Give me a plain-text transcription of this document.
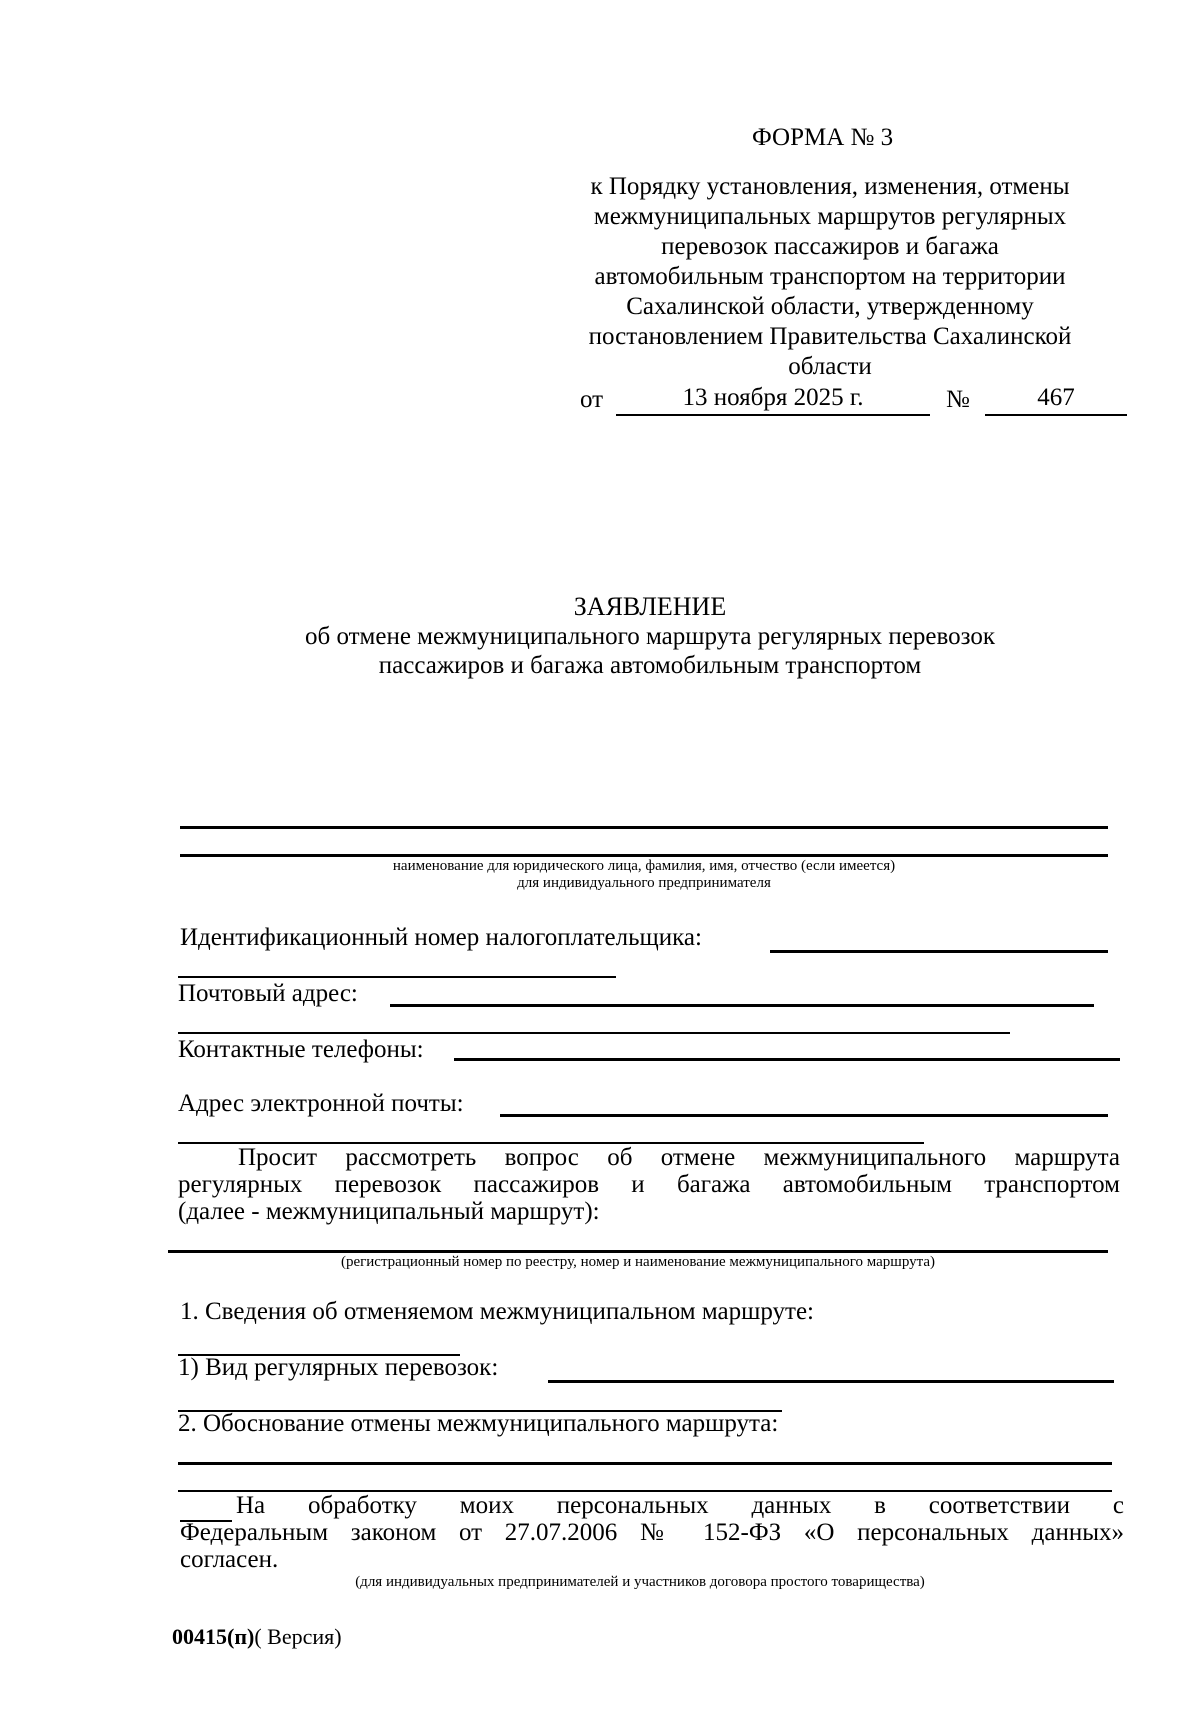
ФОРМА № 3
к Порядку установления, изменения, отмены
межмуниципальных маршрутов регулярных
перевозок пассажиров и багажа
автомобильным транспортом на территории
Сахалинской области, утвержденному
постановлением Правительства Сахалинской
области
от	13 ноября 2025 г.	№	467
ЗАЯВЛЕНИЕ
об отмене межмуниципального маршрута регулярных перевозок
пассажиров и багажа автомобильным транспортом
наименование для юридического лица, фамилия, имя, отчество (если имеется)
для индивидуального предпринимателя
Идентификационный номер налогоплательщика:
Почтовый адрес:
Контактные телефоны:
Адрес электронной почты:
Просит рассмотреть вопрос об отмене межмуниципального маршрута
регулярных перевозок пассажиров и багажа автомобильным транспортом
(далее - межмуниципальный маршрут):
(регистрационный номер по реестру, номер и наименование межмуниципального маршрута)
1. Сведения об отменяемом межмуниципальном маршруте:
1) Вид регулярных перевозок:
2. Обоснование отмены межмуниципального маршрута:
На обработку моих персональных данных в соответствии с
Федеральным законом от 27.07.2006 № 152-ФЗ «О персональных данных»
согласен.
(для индивидуальных предпринимателей и участников договора простого товарищества)
00415(п)( Версия)
